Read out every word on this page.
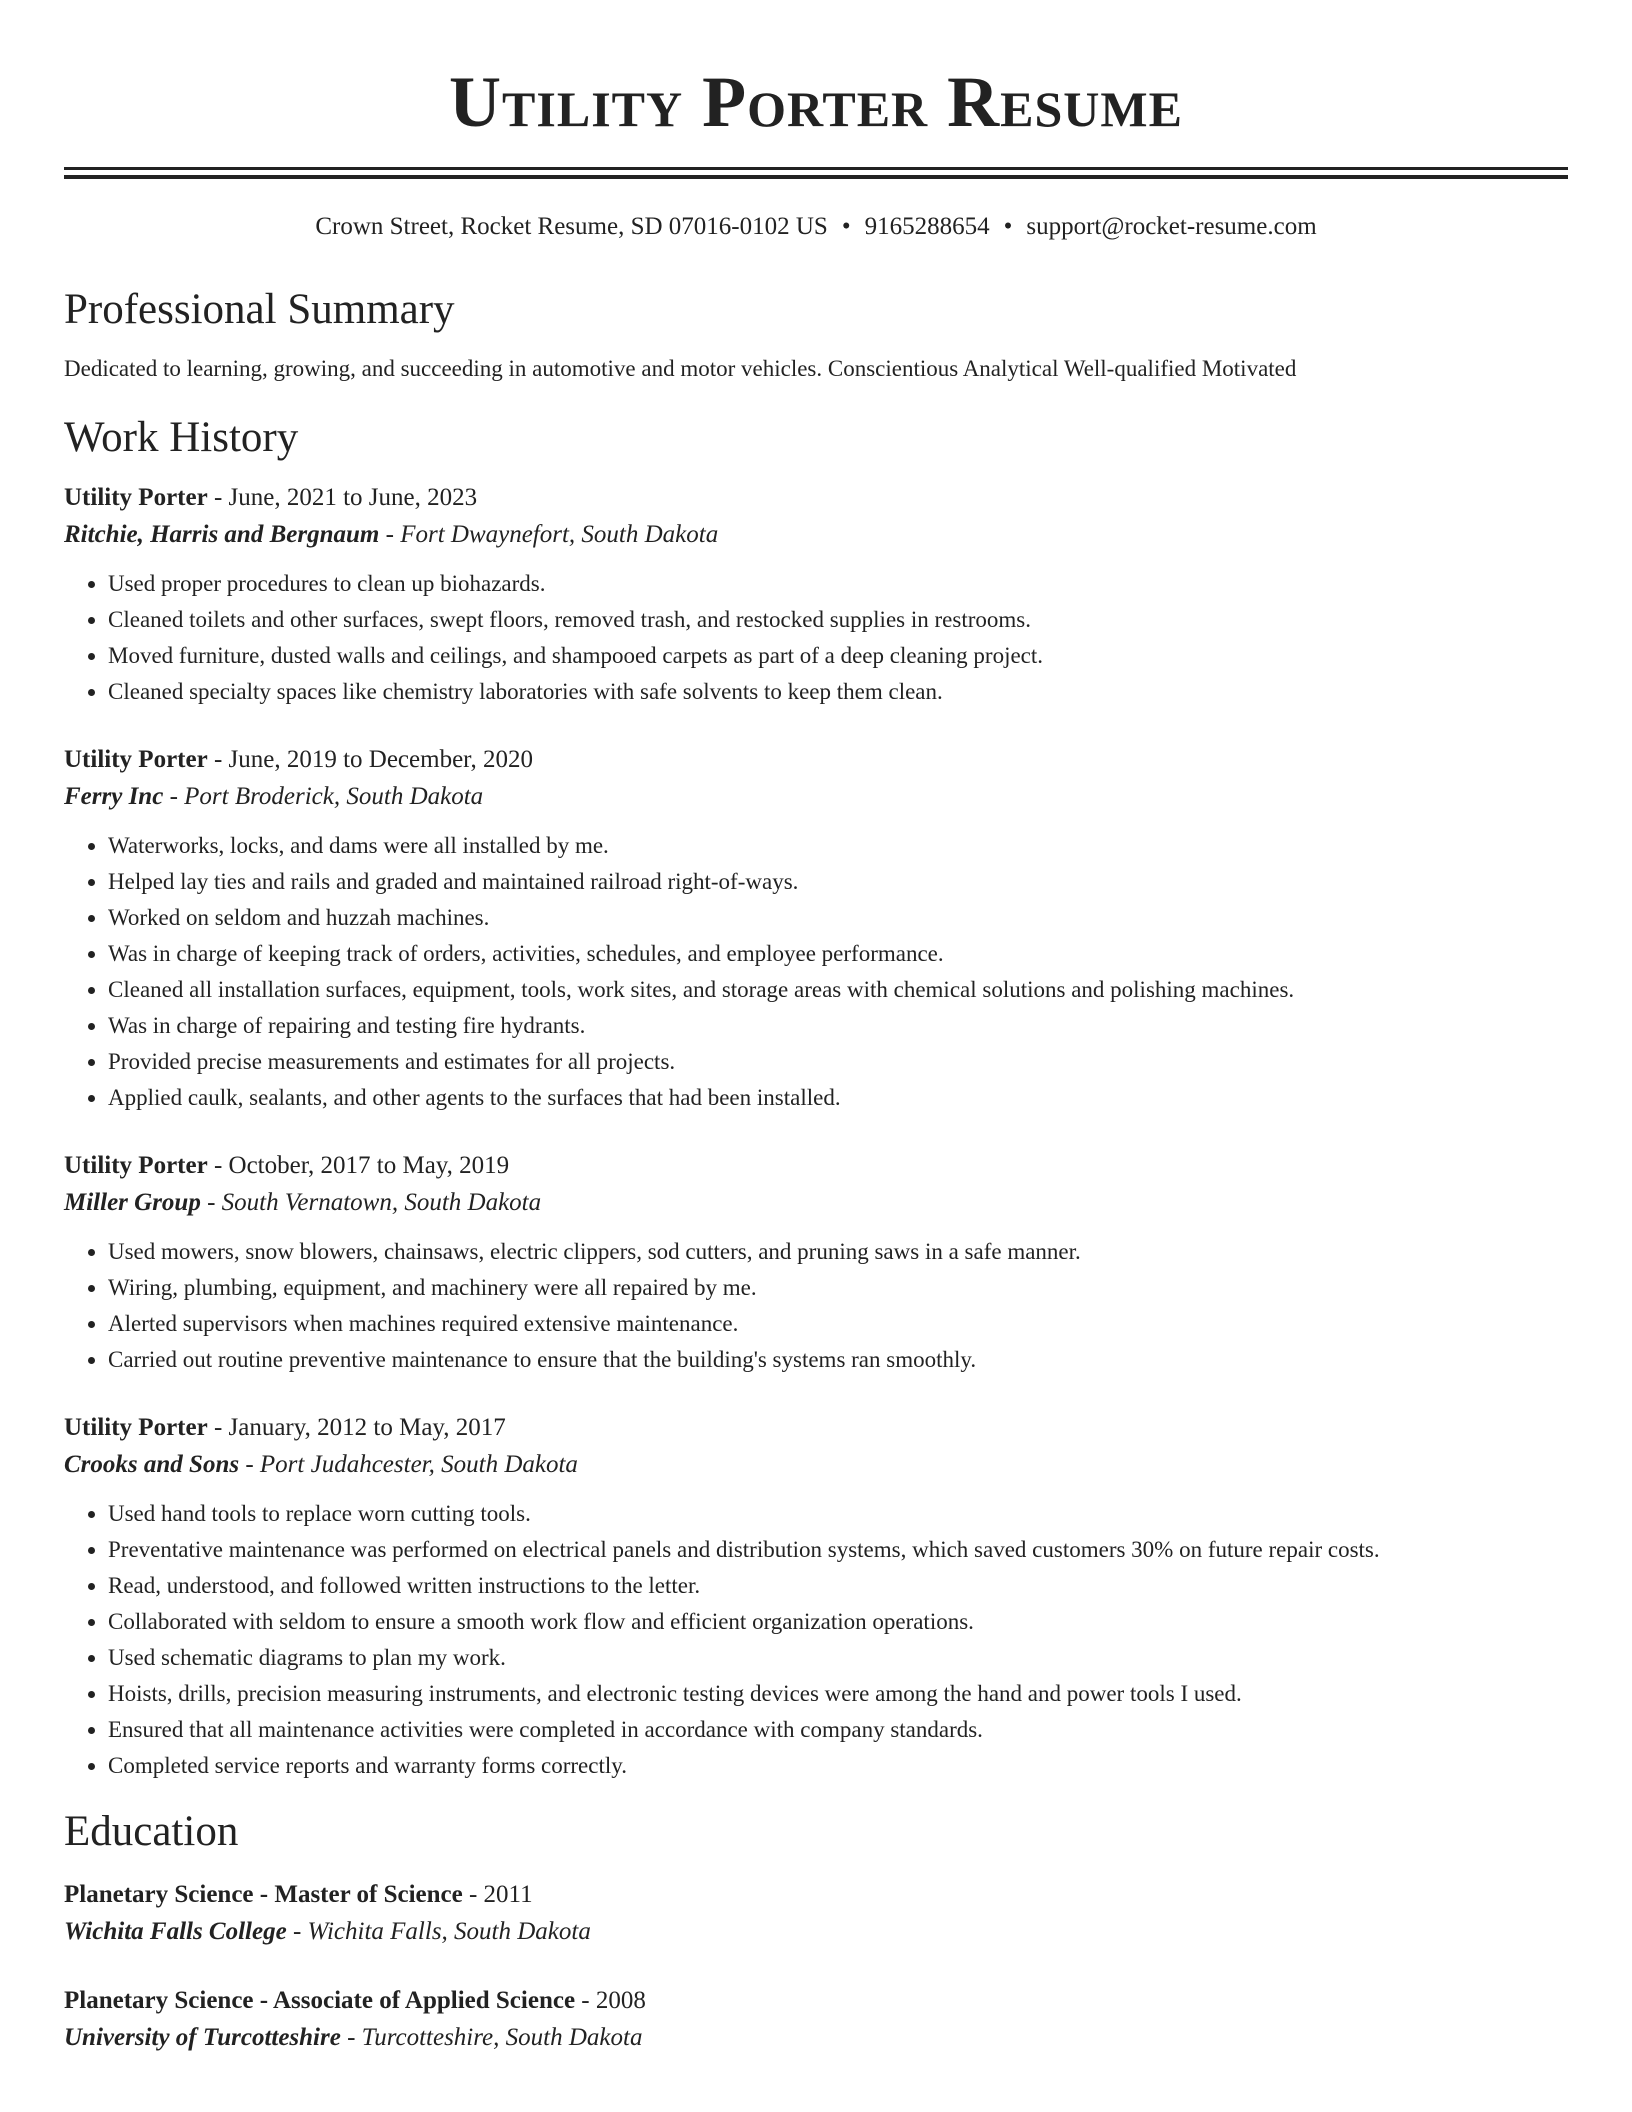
Utility Porter Resume
Crown Street, Rocket Resume, SD 07016-0102 US • 9165288654 • support@rocket-resume.com
Professional Summary
Dedicated to learning, growing, and succeeding in automotive and motor vehicles. Conscientious Analytical Well-qualified Motivated
Work History
Utility Porter - June, 2021 to June, 2023
Ritchie, Harris and Bergnaum - Fort Dwaynefort, South Dakota
• Used proper procedures to clean up biohazards.
• Cleaned toilets and other surfaces, swept floors, removed trash, and restocked supplies in restrooms.
• Moved furniture, dusted walls and ceilings, and shampooed carpets as part of a deep cleaning project.
• Cleaned specialty spaces like chemistry laboratories with safe solvents to keep them clean.
Utility Porter - June, 2019 to December, 2020
Ferry Inc - Port Broderick, South Dakota
• Waterworks, locks, and dams were all installed by me.
• Helped lay ties and rails and graded and maintained railroad right-of-ways.
• Worked on seldom and huzzah machines.
• Was in charge of keeping track of orders, activities, schedules, and employee performance.
• Cleaned all installation surfaces, equipment, tools, work sites, and storage areas with chemical solutions and polishing machines.
• Was in charge of repairing and testing fire hydrants.
• Provided precise measurements and estimates for all projects.
• Applied caulk, sealants, and other agents to the surfaces that had been installed.
Utility Porter - October, 2017 to May, 2019
Miller Group - South Vernatown, South Dakota
• Used mowers, snow blowers, chainsaws, electric clippers, sod cutters, and pruning saws in a safe manner.
• Wiring, plumbing, equipment, and machinery were all repaired by me.
• Alerted supervisors when machines required extensive maintenance.
• Carried out routine preventive maintenance to ensure that the building's systems ran smoothly.
Utility Porter - January, 2012 to May, 2017
Crooks and Sons - Port Judahcester, South Dakota
• Used hand tools to replace worn cutting tools.
• Preventative maintenance was performed on electrical panels and distribution systems, which saved customers 30% on future repair costs.
• Read, understood, and followed written instructions to the letter.
• Collaborated with seldom to ensure a smooth work flow and efficient organization operations.
• Used schematic diagrams to plan my work.
• Hoists, drills, precision measuring instruments, and electronic testing devices were among the hand and power tools I used.
• Ensured that all maintenance activities were completed in accordance with company standards.
• Completed service reports and warranty forms correctly.
Education
Planetary Science - Master of Science - 2011
Wichita Falls College - Wichita Falls, South Dakota
Planetary Science - Associate of Applied Science - 2008
University of Turcotteshire - Turcotteshire, South Dakota
